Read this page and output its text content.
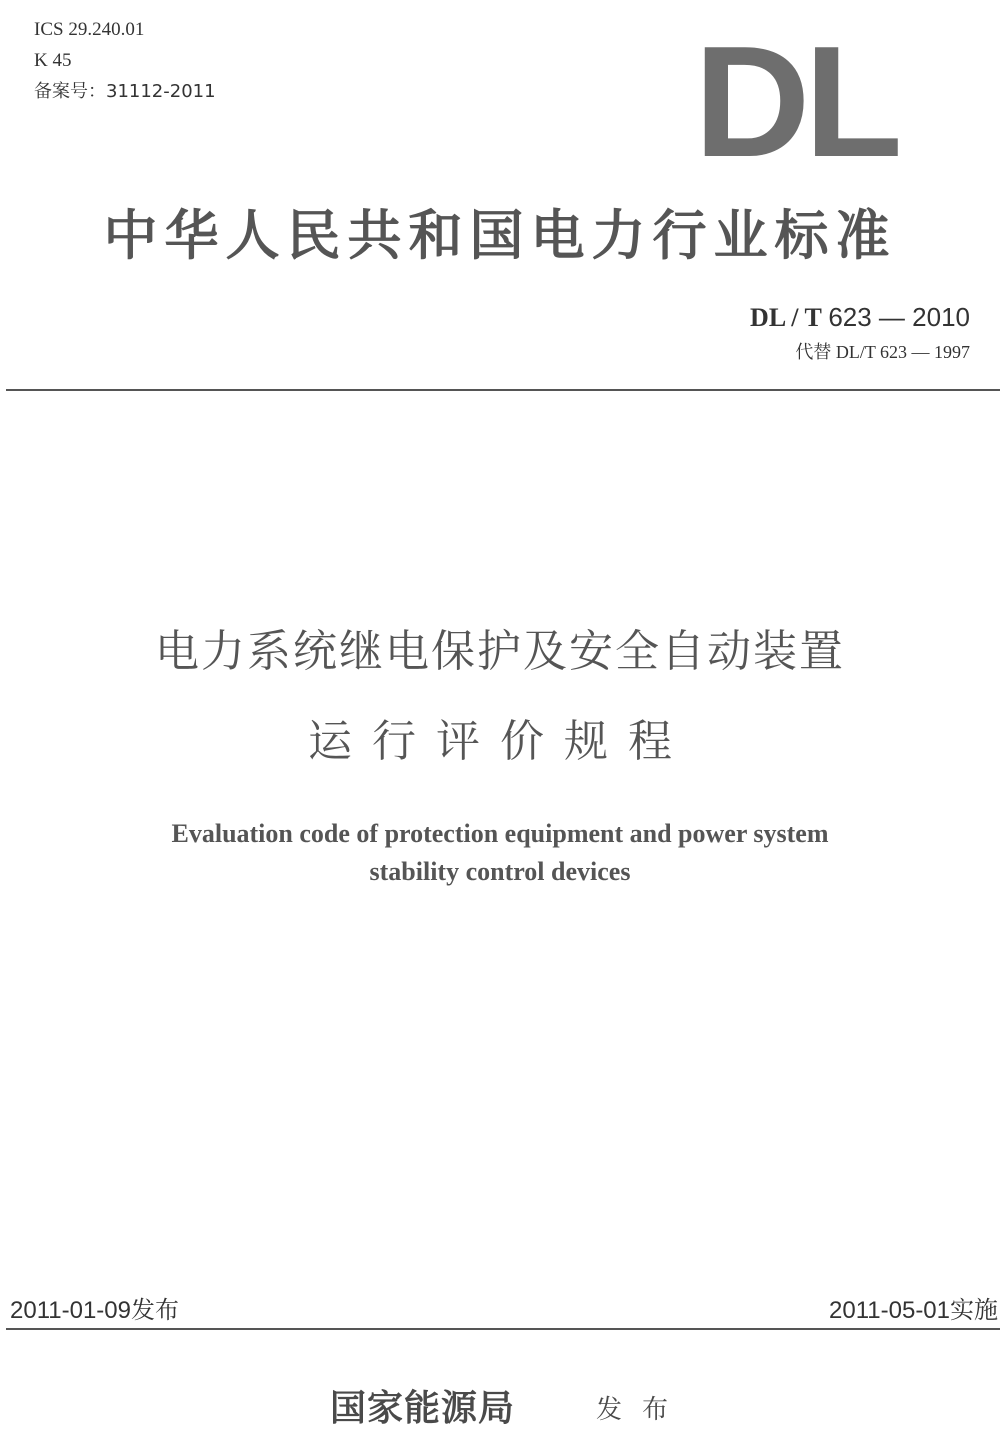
ICS 29.240.01
K 45
备案号：31112-2011	DL
中华人民共和国电力行业标准
DL / T 623 — 2010
代替 DL/T 623 — 1997
电力系统继电保护及安全自动装置
运行评价规程
Evaluation code of protection equipment and power system
stability control devices
2011-01-09发布	2011-05-01实施
国家能源局	发布
